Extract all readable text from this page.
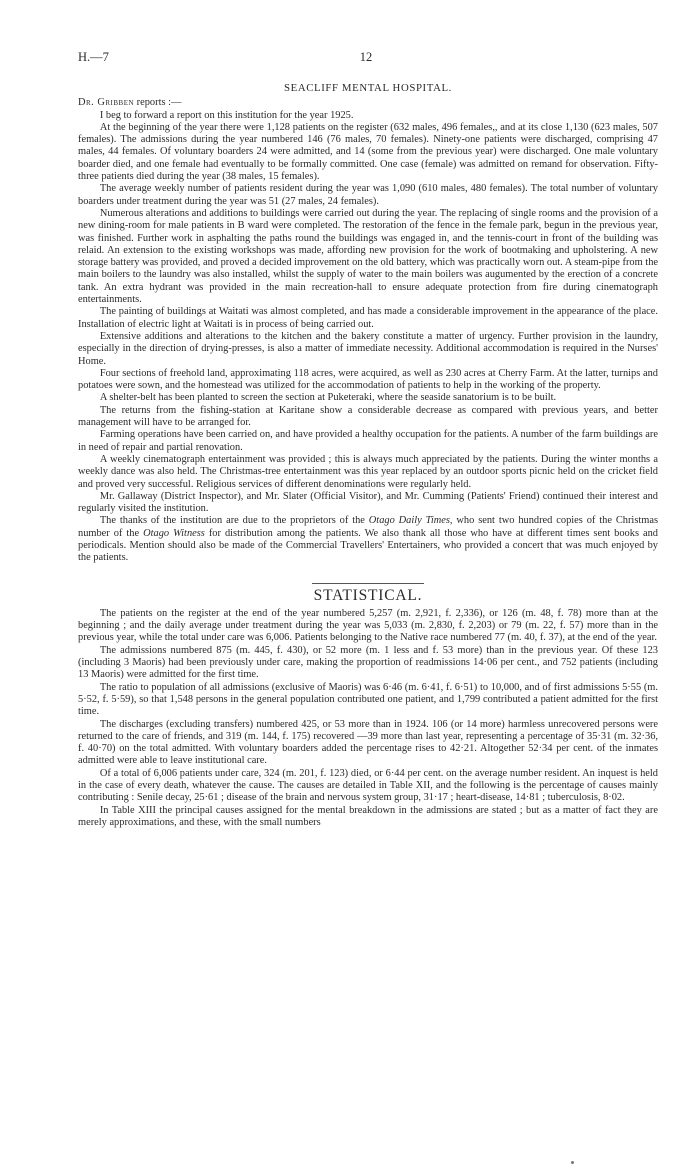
H.—7	12
SEACLIFF MENTAL HOSPITAL.

Dr. Gribben reports :—

I beg to forward a report on this institution for the year 1925.

At the beginning of the year there were 1,128 patients on the register (632 males, 496 females,, and at its close 1,130 (623 males, 507 females). The admissions during the year numbered 146 (76 males, 70 females). Ninety-one patients were discharged, comprising 47 males, 44 females. Of voluntary boarders 24 were admitted, and 14 (some from the previous year) were discharged. One male voluntary boarder died, and one female had eventually to be formally committed. One case (female) was admitted on remand for observation. Fifty-three patients died during the year (38 males, 15 females).

The average weekly number of patients resident during the year was 1,090 (610 males, 480 females). The total number of voluntary boarders under treatment during the year was 51 (27 males, 24 females).

Numerous alterations and additions to buildings were carried out during the year. The replacing of single rooms and the provision of a new dining-room for male patients in B ward were completed. The restoration of the fence in the female park, begun in the previous year, was finished. Further work in asphalting the paths round the buildings was engaged in, and the tennis-court in front of the building was relaid. An extension to the existing workshops was made, affording new provision for the work of bootmaking and upholstering. A new storage battery was provided, and proved a decided improvement on the old battery, which was practically worn out. A steam-pipe from the main boilers to the laundry was also installed, whilst the supply of water to the main boilers was augumented by the erection of a concrete tank. An extra hydrant was provided in the main recreation-hall to ensure adequate protection from fire during cinematograph entertainments.

The painting of buildings at Waitati was almost completed, and has made a considerable improvement in the appearance of the place. Installation of electric light at Waitati is in process of being carried out.

Extensive additions and alterations to the kitchen and the bakery constitute a matter of urgency. Further provision in the laundry, especially in the direction of drying-presses, is also a matter of immediate necessity. Additional accommodation is required in the Nurses' Home.

Four sections of freehold land, approximating 118 acres, were acquired, as well as 230 acres at Cherry Farm. At the latter, turnips and potatoes were sown, and the homestead was utilized for the accommodation of patients to help in the working of the property.

A shelter-belt has been planted to screen the section at Puketeraki, where the seaside sanatorium is to be built.

The returns from the fishing-station at Karitane show a considerable decrease as compared with previous years, and better management will have to be arranged for.

Farming operations have been carried on, and have provided a healthy occupation for the patients. A number of the farm buildings are in need of repair and partial renovation.

A weekly cinematograph entertainment was provided ; this is always much appreciated by the patients. During the winter months a weekly dance was also held. The Christmas-tree entertainment was this year replaced by an outdoor sports picnic held on the cricket field and proved very successful. Religious services of different denominations were regularly held.

Mr. Gallaway (District Inspector), and Mr. Slater (Official Visitor), and Mr. Cumming (Patients' Friend) continued their interest and regularly visited the institution.

The thanks of the institution are due to the proprietors of the Otago Daily Times, who sent two hundred copies of the Christmas number of the Otago Witness for distribution among the patients. We also thank all those who have at different times sent books and periodicals. Mention should also be made of the Commercial Travellers' Entertainers, who provided a concert that was much enjoyed by the patients.

STATISTICAL.

The patients on the register at the end of the year numbered 5,257 (m. 2,921, f. 2,336), or 126 (m. 48, f. 78) more than at the beginning ; and the daily average under treatment during the year was 5,033 (m. 2,830, f. 2,203) or 79 (m. 22, f. 57) more than in the previous year, while the total under care was 6,006. Patients belonging to the Native race numbered 77 (m. 40, f. 37), at the end of the year.

The admissions numbered 875 (m. 445, f. 430), or 52 more (m. 1 less and f. 53 more) than in the previous year. Of these 123 (including 3 Maoris) had been previously under care, making the proportion of readmissions 14·06 per cent., and 752 patients (including 13 Maoris) were admitted for the first time.

The ratio to population of all admissions (exclusive of Maoris) was 6·46 (m. 6·41, f. 6·51) to 10,000, and of first admissions 5·55 (m. 5·52, f. 5·59), so that 1,548 persons in the general population contributed one patient, and 1,799 contributed a patient admitted for the first time.

The discharges (excluding transfers) numbered 425, or 53 more than in 1924. 106 (or 14 more) harmless unrecovered persons were returned to the care of friends, and 319 (m. 144, f. 175) recovered —39 more than last year, representing a percentage of 35·31 (m. 32·36, f. 40·70) on the total admitted. With voluntary boarders added the percentage rises to 42·21. Altogether 52·34 per cent. of the inmates admitted were able to leave institutional care.

Of a total of 6,006 patients under care, 324 (m. 201, f. 123) died, or 6·44 per cent. on the average number resident. An inquest is held in the case of every death, whatever the cause. The causes are detailed in Table XII, and the following is the percentage of causes mainly contributing : Senile decay, 25·61 ; disease of the brain and nervous system group, 31·17 ; heart-disease, 14·81 ; tuberculosis, 8·02.

In Table XIII the principal causes assigned for the mental breakdown in the admissions are stated ; but as a matter of fact they are merely approximations, and these, with the small numbers
